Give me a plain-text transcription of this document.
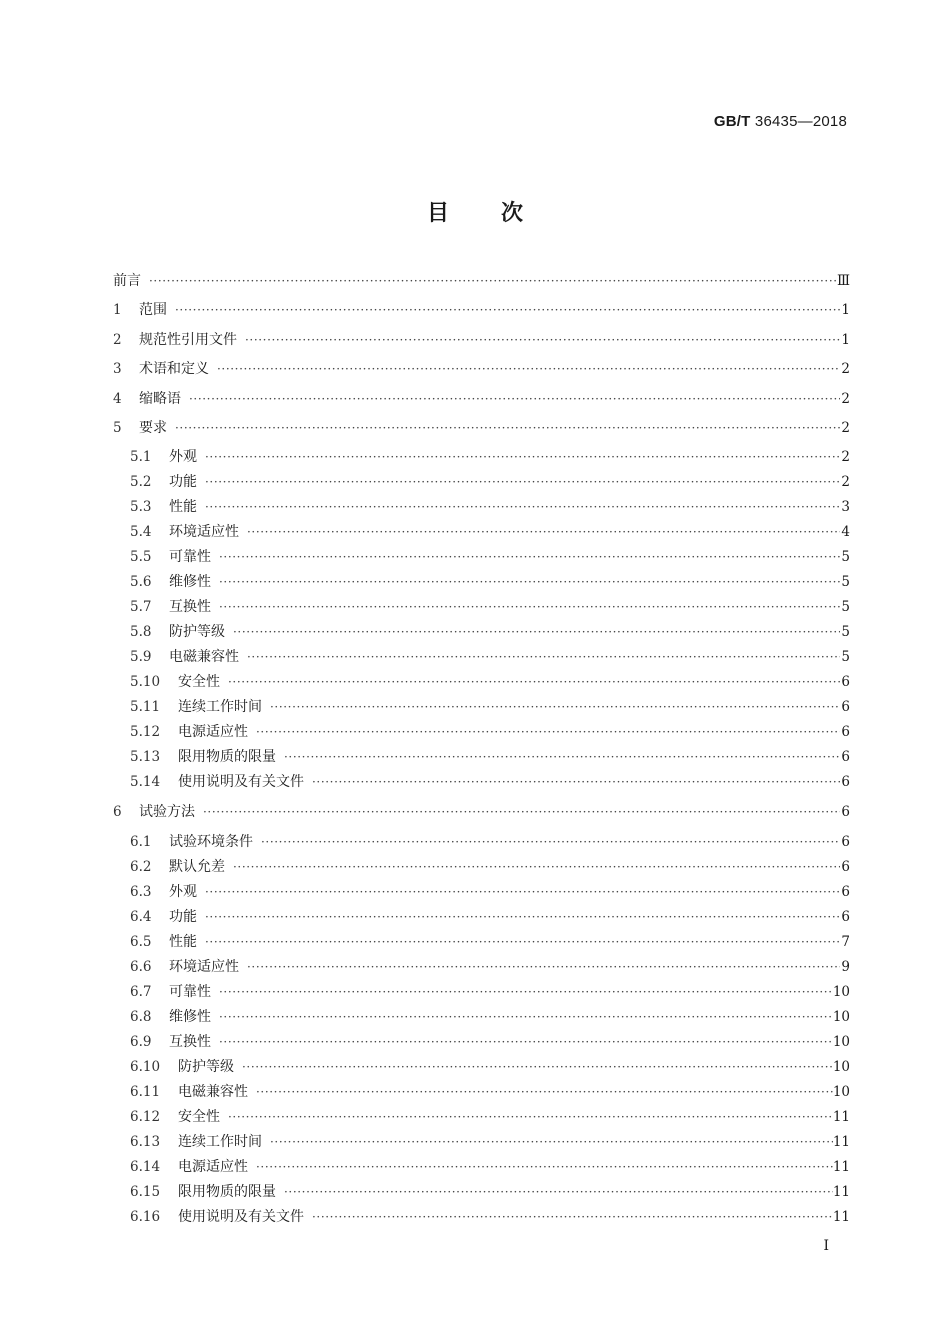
GB/T 36435—2018
目次
前言 ·····	Ⅲ
1	范围 ·····	1
2	规范性引用文件 ·····	1
3	术语和定义 ·····	2
4	缩略语 ·····	2
5	要求 ·····	2
5.1	外观 ·····	2
5.2	功能 ·····	2
5.3	性能 ·····	3
5.4	环境适应性 ·····	4
5.5	可靠性 ·····	5
5.6	维修性 ·····	5
5.7	互换性 ·····	5
5.8	防护等级 ·····	5
5.9	电磁兼容性 ·····	5
5.10	安全性 ·····	6
5.11	连续工作时间 ·····	6
5.12	电源适应性 ·····	6
5.13	限用物质的限量 ·····	6
5.14	使用说明及有关文件 ·····	6
6	试验方法 ·····	6
6.1	试验环境条件 ·····	6
6.2	默认允差 ·····	6
6.3	外观 ·····	6
6.4	功能 ·····	6
6.5	性能 ·····	7
6.6	环境适应性 ·····	9
6.7	可靠性 ·····	10
6.8	维修性 ·····	10
6.9	互换性 ·····	10
6.10	防护等级 ·····	10
6.11	电磁兼容性 ·····	10
6.12	安全性 ·····	11
6.13	连续工作时间 ·····	11
6.14	电源适应性 ·····	11
6.15	限用物质的限量 ·····	11
6.16	使用说明及有关文件 ·····	11
Ⅰ
